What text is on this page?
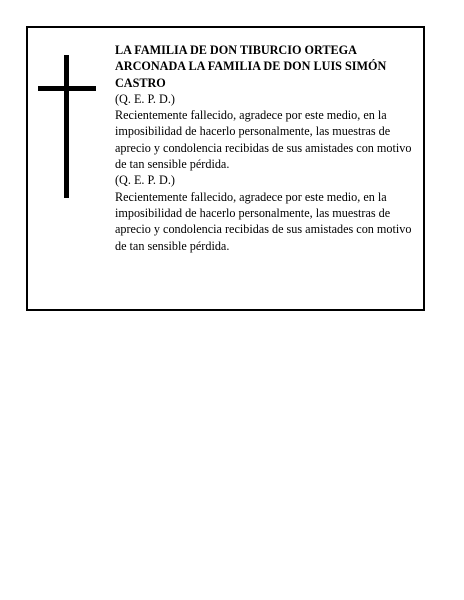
LA FAMILIA DE DON TIBURCIO ORTEGA
ARCONADA LA FAMILIA DE DON LUIS SIMÓN
CASTRO

(Q. E. P. D.)

Recientemente fallecido, agradece por este medio, en la imposibilidad de hacerlo personalmente, las muestras de aprecio y condolencia recibidas de sus amistades con motivo de tan sensible pérdida.

(Q. E. P. D.)

Recientemente fallecido, agradece por este medio, en la imposibilidad de hacerlo personalmente, las muestras de aprecio y condolencia recibidas de sus amistades con motivo de tan sensible pérdida.
